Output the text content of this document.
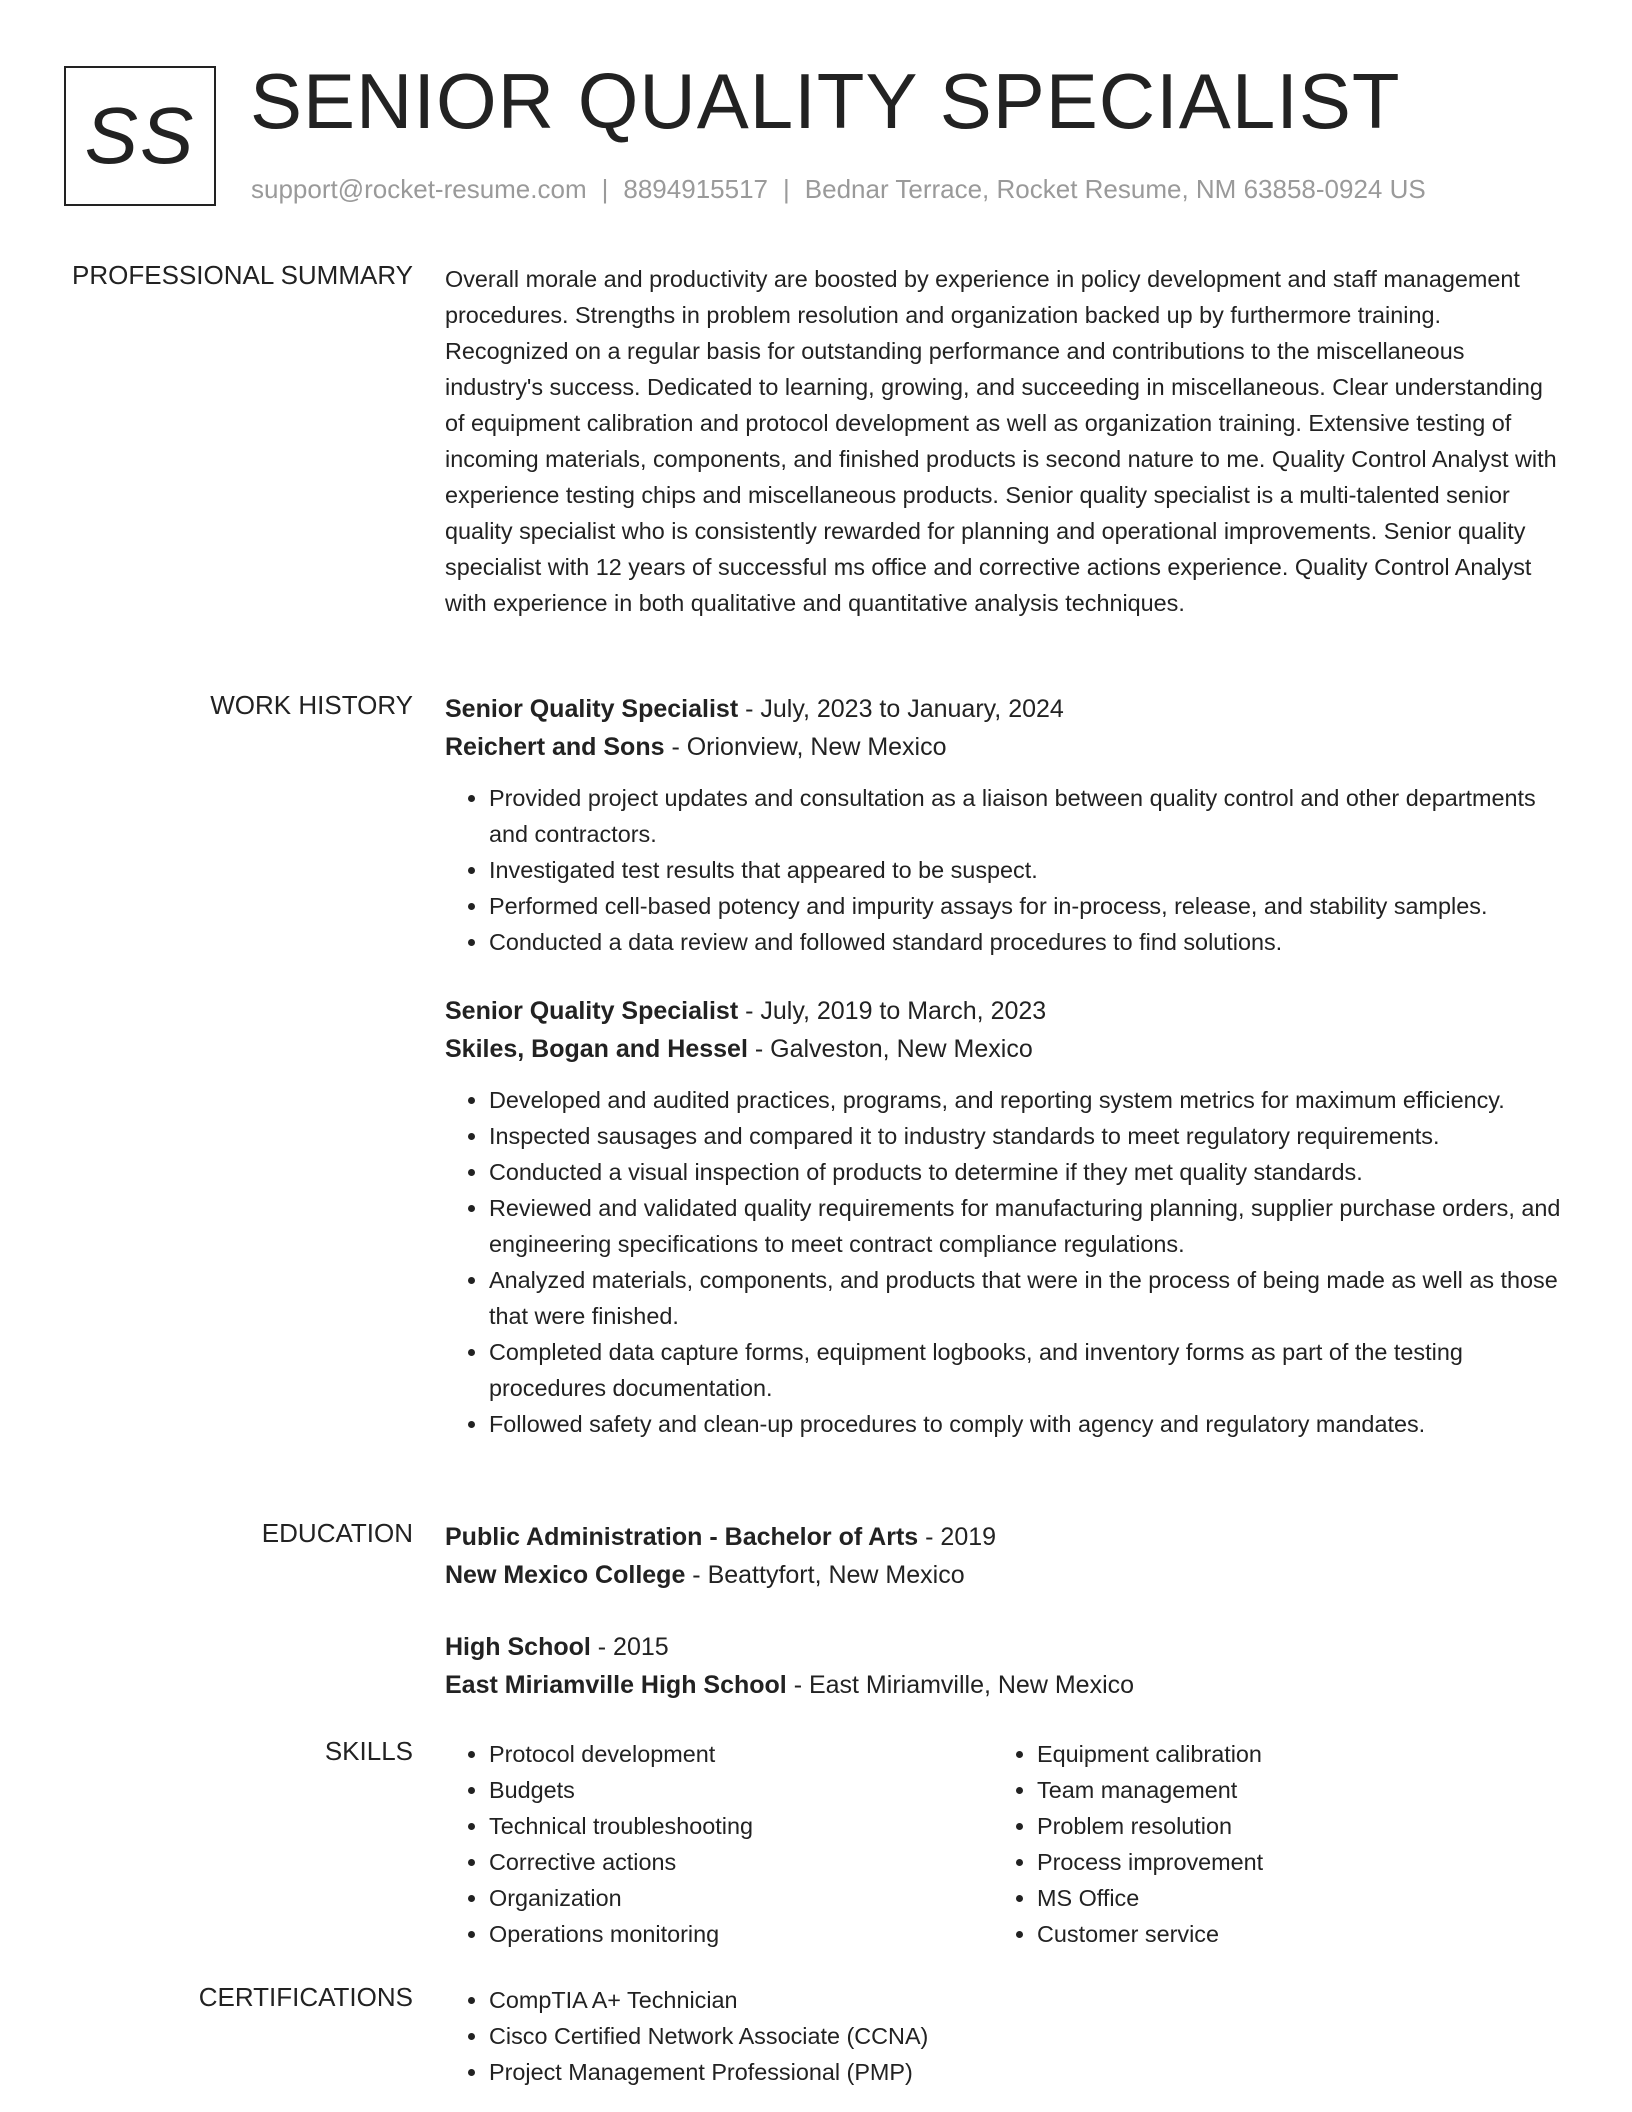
SS SENIOR QUALITY SPECIALIST
support@rocket-resume.com | 8894915517 | Bednar Terrace, Rocket Resume, NM 63858-0924 US
PROFESSIONAL SUMMARY Overall morale and productivity are boosted by experience in policy development and staff management procedures. Strengths in problem resolution and organization backed up by furthermore training. Recognized on a regular basis for outstanding performance and contributions to the miscellaneous industry's success. Dedicated to learning, growing, and succeeding in miscellaneous. Clear understanding of equipment calibration and protocol development as well as organization training. Extensive testing of incoming materials, components, and finished products is second nature to me. Quality Control Analyst with experience testing chips and miscellaneous products. Senior quality specialist is a multi-talented senior quality specialist who is consistently rewarded for planning and operational improvements. Senior quality specialist with 12 years of successful ms office and corrective actions experience. Quality Control Analyst with experience in both qualitative and quantitative analysis techniques.

WORK HISTORY Senior Quality Specialist - July, 2023 to January, 2024
Reichert and Sons - Orionview, New Mexico
• Provided project updates and consultation as a liaison between quality control and other departments and contractors.
• Investigated test results that appeared to be suspect.
• Performed cell-based potency and impurity assays for in-process, release, and stability samples.
• Conducted a data review and followed standard procedures to find solutions.
Senior Quality Specialist - July, 2019 to March, 2023
Skiles, Bogan and Hessel - Galveston, New Mexico
• Developed and audited practices, programs, and reporting system metrics for maximum efficiency.
• Inspected sausages and compared it to industry standards to meet regulatory requirements.
• Conducted a visual inspection of products to determine if they met quality standards.
• Reviewed and validated quality requirements for manufacturing planning, supplier purchase orders, and engineering specifications to meet contract compliance regulations.
• Analyzed materials, components, and products that were in the process of being made as well as those that were finished.
• Completed data capture forms, equipment logbooks, and inventory forms as part of the testing procedures documentation.
• Followed safety and clean-up procedures to comply with agency and regulatory mandates.
EDUCATION Public Administration - Bachelor of Arts - 2019
New Mexico College - Beattyfort, New Mexico
High School - 2015
East Miriamville High School - East Miriamville, New Mexico
SKILLS	• Protocol development
• Budgets
• Technical troubleshooting
• Corrective actions
• Organization
• Operations monitoring
• Equipment calibration
• Team management
• Problem resolution
• Process improvement
• MS Office
• Customer service
CERTIFICATIONS	• CompTIA A+ Technician
• Cisco Certified Network Associate (CCNA)
• Project Management Professional (PMP)
